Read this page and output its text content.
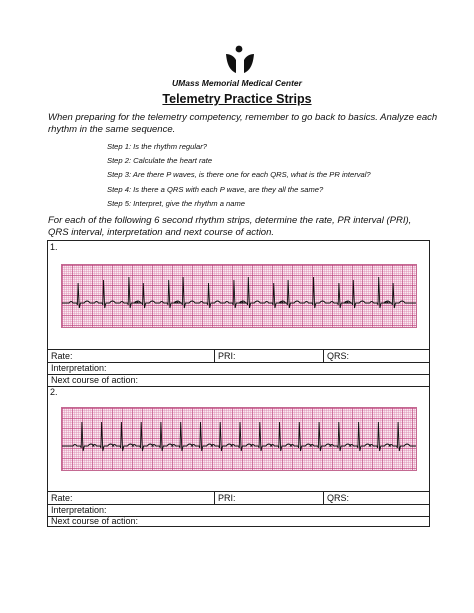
UMass Memorial Medical Center
Telemetry Practice Strips
When preparing for the telemetry competency, remember to go back to basics. Analyze each rhythm in the same sequence.
Step 1: Is the rhythm regular?
Step 2: Calculate the heart rate
Step 3: Are there P waves, is there one for each QRS, what is the PR interval?
Step 4: Is there a QRS with each P wave, are they all the same?
Step 5: Interpret, give the rhythm a name
For each of the following 6 second rhythm strips, determine the rate, PR interval (PRI), QRS interval, interpretation and next course of action.
1.
Rate:	PRI:	QRS:
Interpretation:
Next course of action:
2.
Rate:	PRI:	QRS:
Interpretation:
Next course of action:
